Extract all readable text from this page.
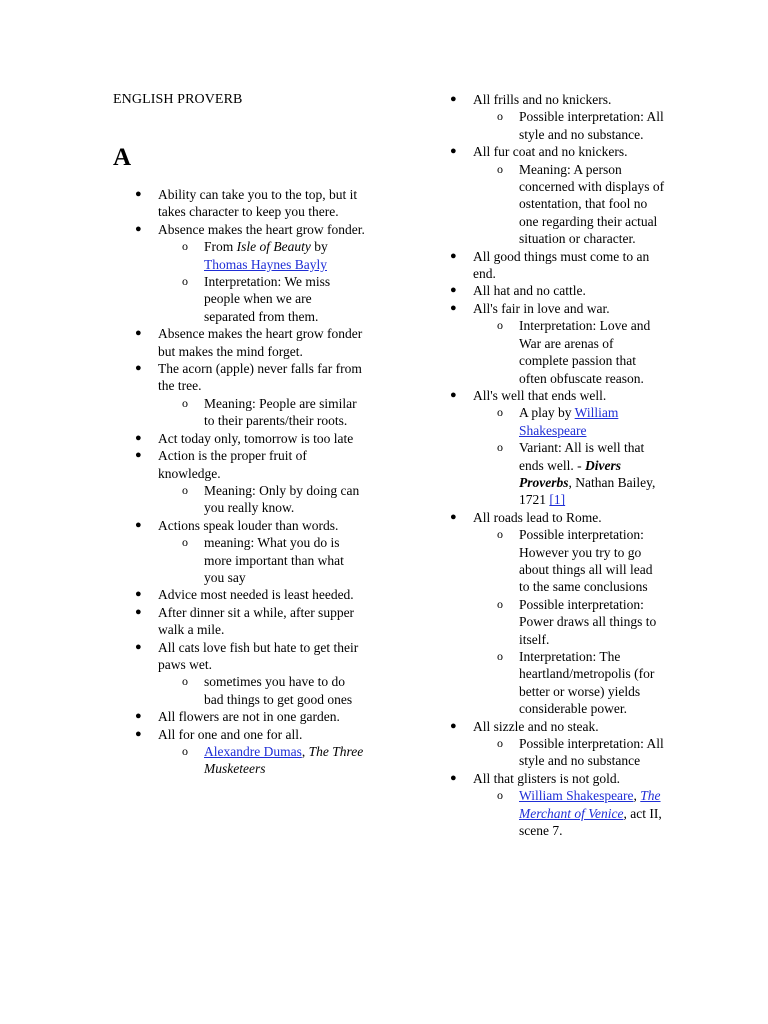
ENGLISH PROVERB
A
● Ability can take you to the top, but it takes character to keep you there.
● Absence makes the heart grow fonder.
o From Isle of Beauty by Thomas Haynes Bayly
o Interpretation: We miss people when we are separated from them.
● Absence makes the heart grow fonder but makes the mind forget.
● The acorn (apple) never falls far from the tree.
o Meaning: People are similar to their parents/their roots.
● Act today only, tomorrow is too late
● Action is the proper fruit of knowledge.
o Meaning: Only by doing can you really know.
● Actions speak louder than words.
o meaning: What you do is more important than what you say
● Advice most needed is least heeded.
● After dinner sit a while, after supper walk a mile.
● All cats love fish but hate to get their paws wet.
o sometimes you have to do bad things to get good ones
● All flowers are not in one garden.
● All for one and one for all.
o Alexandre Dumas, The Three Musketeers
● All frills and no knickers.
o Possible interpretation: All style and no substance.
● All fur coat and no knickers.
o Meaning: A person concerned with displays of ostentation, that fool no one regarding their actual situation or character.
● All good things must come to an end.
● All hat and no cattle.
● All's fair in love and war.
o Interpretation: Love and War are arenas of complete passion that often obfuscate reason.
● All's well that ends well.
o A play by William Shakespeare
o Variant: All is well that ends well. - Divers Proverbs, Nathan Bailey, 1721 [1]
● All roads lead to Rome.
o Possible interpretation: However you try to go about things all will lead to the same conclusions
o Possible interpretation: Power draws all things to itself.
o Interpretation: The heartland/metropolis (for better or worse) yields considerable power.
● All sizzle and no steak.
o Possible interpretation: All style and no substance
● All that glisters is not gold.
o William Shakespeare, The Merchant of Venice, act II, scene 7.
